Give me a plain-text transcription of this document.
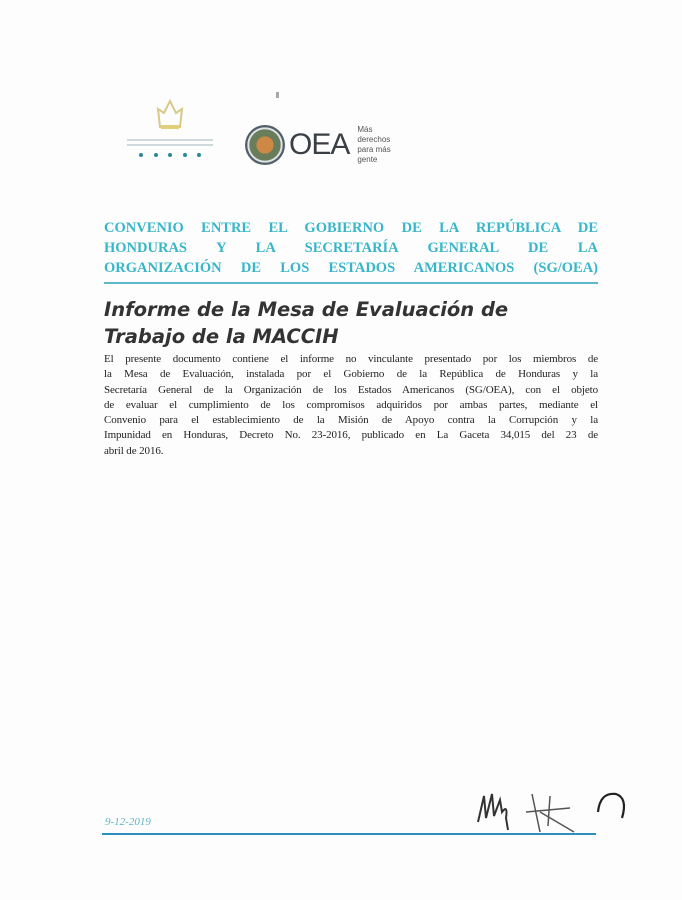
OEA Más derechos para más gente
CONVENIO ENTRE EL GOBIERNO DE LA REPÚBLICA DE
HONDURAS Y LA SECRETARÍA GENERAL DE LA
ORGANIZACIÓN DE LOS ESTADOS AMERICANOS (SG/OEA)
Informe de la Mesa de Evaluación de
Trabajo de la MACCIH
El presente documento contiene el informe no vinculante presentado por los miembros de
la Mesa de Evaluación, instalada por el Gobierno de la República de Honduras y la
Secretaría General de la Organización de los Estados Americanos (SG/OEA), con el objeto
de evaluar el cumplimiento de los compromisos adquiridos por ambas partes, mediante el
Convenio para el establecimiento de la Misión de Apoyo contra la Corrupción y la
Impunidad en Honduras, Decreto No. 23-2016, publicado en La Gaceta 34,015 del 23 de
abril de 2016.
9-12-2019
